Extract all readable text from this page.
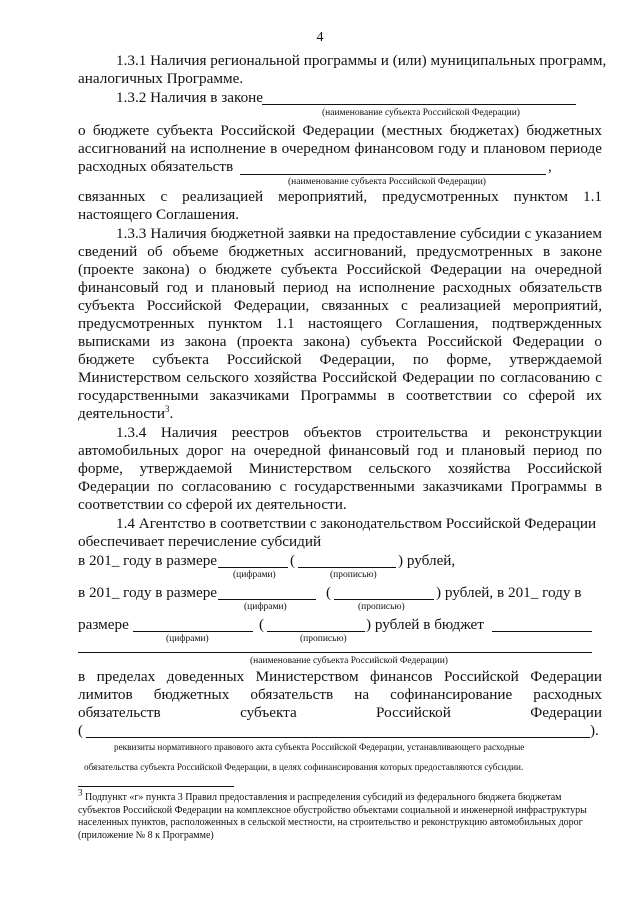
4
1.3.1 Наличия региональной программы и (или) муниципальных программ,
аналогичных Программе.
1.3.2 Наличия в законе
(наименование субъекта Российской Федерации)
о бюджете субъекта Российской Федерации (местных бюджетах) бюджетных
ассигнований на исполнение в очередном финансовом году и плановом периоде
расходных обязательств	,
(наименование субъекта Российской Федерации)
связанных с реализацией мероприятий, предусмотренных пунктом 1.1
настоящего Соглашения.
1.3.3 Наличия бюджетной заявки на предоставление субсидии с указанием
сведений об объеме бюджетных ассигнований, предусмотренных в законе
(проекте закона) о бюджете субъекта Российской Федерации на очередной
финансовый год и плановый период на исполнение расходных обязательств
субъекта Российской Федерации, связанных с реализацией мероприятий,
предусмотренных пунктом 1.1 настоящего Соглашения, подтвержденных
выписками из закона (проекта закона) субъекта Российской Федерации о
бюджете субъекта Российской Федерации, по форме, утверждаемой
Министерством сельского хозяйства Российской Федерации по согласованию с
государственными заказчиками Программы в соответствии со сферой их
деятельности$^3$.
1.3.4 Наличия реестров объектов строительства и реконструкции
автомобильных дорог на очередной финансовый год и плановый период по
форме, утверждаемой Министерством сельского хозяйства Российской
Федерации по согласованию с государственными заказчиками Программы в
соответствии со сферой их деятельности.
1.4 Агентство в соответствии с законодательством Российской Федерации
обеспечивает перечисление субсидий
в 201_ году в размере	(	) рублей,
(цифрами)	(прописью)
в 201_ году в размере	(	) рублей, в 201_ году в
(цифрами)	(прописью)
размере	(	) рублей в бюджет
(цифрами)	(прописью)
(наименование субъекта Российской Федерации)
в пределах доведенных Министерством финансов Российской Федерации
лимитов бюджетных обязательств на софинансирование расходных
обязательств субъекта Российской Федерации
(	).
реквизиты нормативного правового акта субъекта Российской Федерации, устанавливающего расходные
обязательства субъекта Российской Федерации, в целях софинансирования которых предоставляются субсидии.
$^3$ Подпункт «г» пункта 3 Правил предоставления и распределения субсидий из федерального бюджета бюджетам субъектов Российской Федерации на комплексное обустройство объектами социальной и инженерной инфраструктуры населенных пунктов, расположенных в сельской местности, на строительство и реконструкцию автомобильных дорог (приложение № 8 к Программе)
